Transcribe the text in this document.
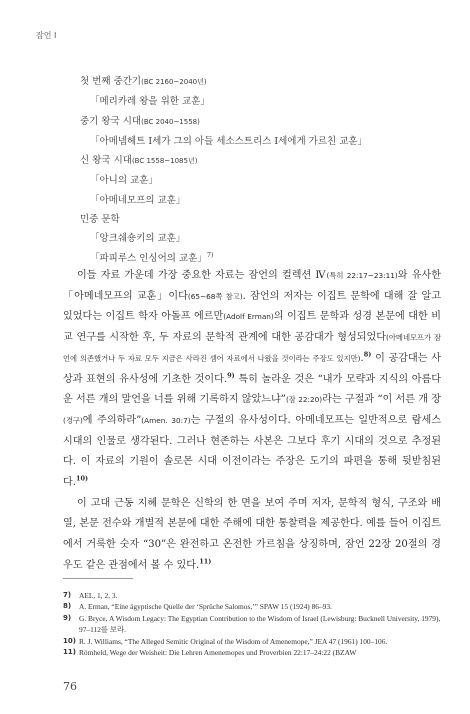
잠언 I
첫 번째 중간기(BC 2160~2040년)
「메리카레 왕을 위한 교훈」
중기 왕국 시대(BC 2040~1558)
「아메넴헤트 I세가 그의 아들 세소스트리스 I세에게 가르친 교훈」
신 왕국 시대(BC 1558~1085년)
「아니의 교훈」
「아메네모프의 교훈」
민중 문학
「앙크쉐숑키의 교훈」
「파피루스 인싱어의 교훈」$^{7)}$

이들 자료 가운데 가장 중요한 자료는 잠언의 컬렉션 Ⅳ(특히 22:17~23:11)와 유사한 「아메네모프의 교훈」이다(65~68쪽 참고). 잠언의 저자는 이집트 문학에 대해 잘 알고 있었다는 이집트 학자 아돌프 에르만(Adolf Erman)의 이집트 문학과 성경 본문에 대한 비교 연구를 시작한 후, 두 자료의 문학적 관계에 대한 공감대가 형성되었다(아메네모프가 잠언에 의존했거나 두 자료 모두 지금은 사라진 셈어 자료에서 나왔을 것이라는 주장도 있지만).$^{8)}$ 이 공감대는 사상과 표현의 유사성에 기초한 것이다.$^{9)}$ 특히 놀라운 것은 “내가 모략과 지식의 아름다운 서른 개의 말언을 너를 위해 기록하지 않았느냐”(잠 22:20)라는 구절과 “이 서른 개 장(경구)에 주의하라”(Amen. 30:7)는 구절의 유사성이다. 아메네모프는 일반적으로 람세스 시대의 인물로 생각된다. 그러나 현존하는 사본은 그보다 후기 시대의 것으로 추정된다. 이 자료의 기원이 솔로몬 시대 이전이라는 주장은 도기의 파편을 통해 뒷받침된다.$^{10)}$

이 고대 근동 지혜 문학은 신학의 한 면을 보여 주며 저자, 문학적 형식, 구조와 배열, 본문 전수와 개별적 본문에 대한 주해에 대한 통찰력을 제공한다. 예를 들어 이집트에서 거룩한 숫자 “30”은 완전하고 온전한 가르침을 상징하며, 잠언 22장 20절의 경우도 같은 관점에서 볼 수 있다.$^{11)}$

7) AEL, 1, 2, 3.
8) A. Erman, “Eine ägyptische Quelle der ‘Sprüche Salomos,’” SPAW 15 (1924) 86–93.
9) G. Bryce, A Wisdom Legacy: The Egyptian Contribution to the Wisdom of Israel (Lewisburg: Bucknell University, 1979), 97–112를 보라.
10) R. J. Williams, “The Alleged Semitic Original of the Wisdom of Amenemope,” JEA 47 (1961) 100–106.
11) Römheld, Wege der Weisheit: Die Lehren Amenemopes und Proverbien 22:17–24:22 (BZAW
76
